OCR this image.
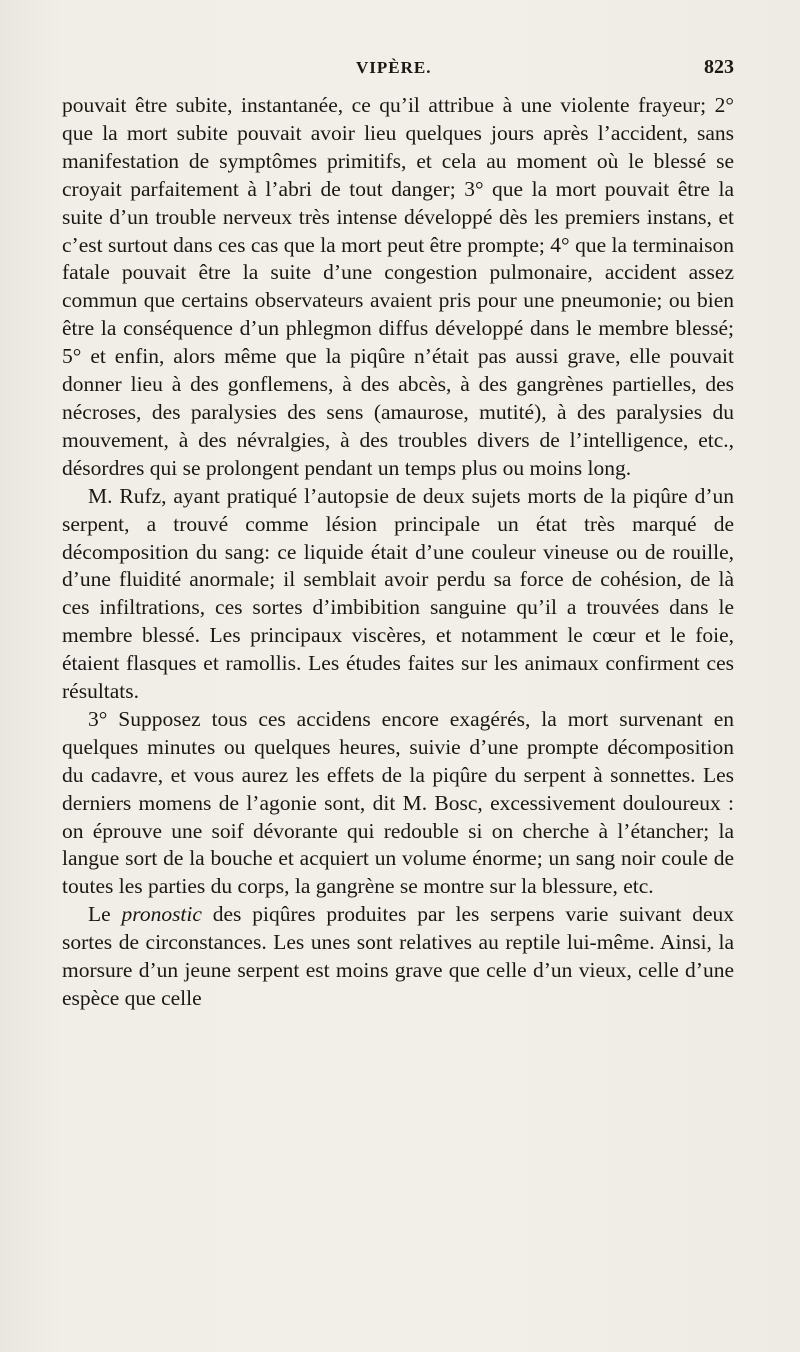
VIPÈRE.	823

pouvait être subite, instantanée, ce qu’il attribue à une violente frayeur; 2° que la mort subite pouvait avoir lieu quelques jours après l’accident, sans manifestation de symptômes primitifs, et cela au moment où le blessé se croyait parfaitement à l’abri de tout danger; 3° que la mort pouvait être la suite d’un trouble nerveux très intense développé dès les premiers instans, et c’est surtout dans ces cas que la mort peut être prompte; 4° que la terminaison fatale pouvait être la suite d’une congestion pulmonaire, accident assez commun que certains observateurs avaient pris pour une pneumonie; ou bien être la conséquence d’un phlegmon diffus développé dans le membre blessé; 5° et enfin, alors même que la piqûre n’était pas aussi grave, elle pouvait donner lieu à des gonflemens, à des abcès, à des gangrènes partielles, des nécroses, des paralysies des sens (amaurose, mutité), à des paralysies du mouvement, à des névralgies, à des troubles divers de l’intelligence, etc., désordres qui se prolongent pendant un temps plus ou moins long.

M. Rufz, ayant pratiqué l’autopsie de deux sujets morts de la piqûre d’un serpent, a trouvé comme lésion principale un état très marqué de décomposition du sang: ce liquide était d’une couleur vineuse ou de rouille, d’une fluidité anormale; il semblait avoir perdu sa force de cohésion, de là ces infiltrations, ces sortes d’imbibition sanguine qu’il a trouvées dans le membre blessé. Les principaux viscères, et notamment le cœur et le foie, étaient flasques et ramollis. Les études faites sur les animaux confirment ces résultats.

3° Supposez tous ces accidens encore exagérés, la mort survenant en quelques minutes ou quelques heures, suivie d’une prompte décomposition du cadavre, et vous aurez les effets de la piqûre du serpent à sonnettes. Les derniers momens de l’agonie sont, dit M. Bosc, excessivement douloureux : on éprouve une soif dévorante qui redouble si on cherche à l’étancher; la langue sort de la bouche et acquiert un volume énorme; un sang noir coule de toutes les parties du corps, la gangrène se montre sur la blessure, etc.

Le pronostic des piqûres produites par les serpens varie suivant deux sortes de circonstances. Les unes sont relatives au reptile lui-même. Ainsi, la morsure d’un jeune serpent est moins grave que celle d’un vieux, celle d’une espèce que celle
